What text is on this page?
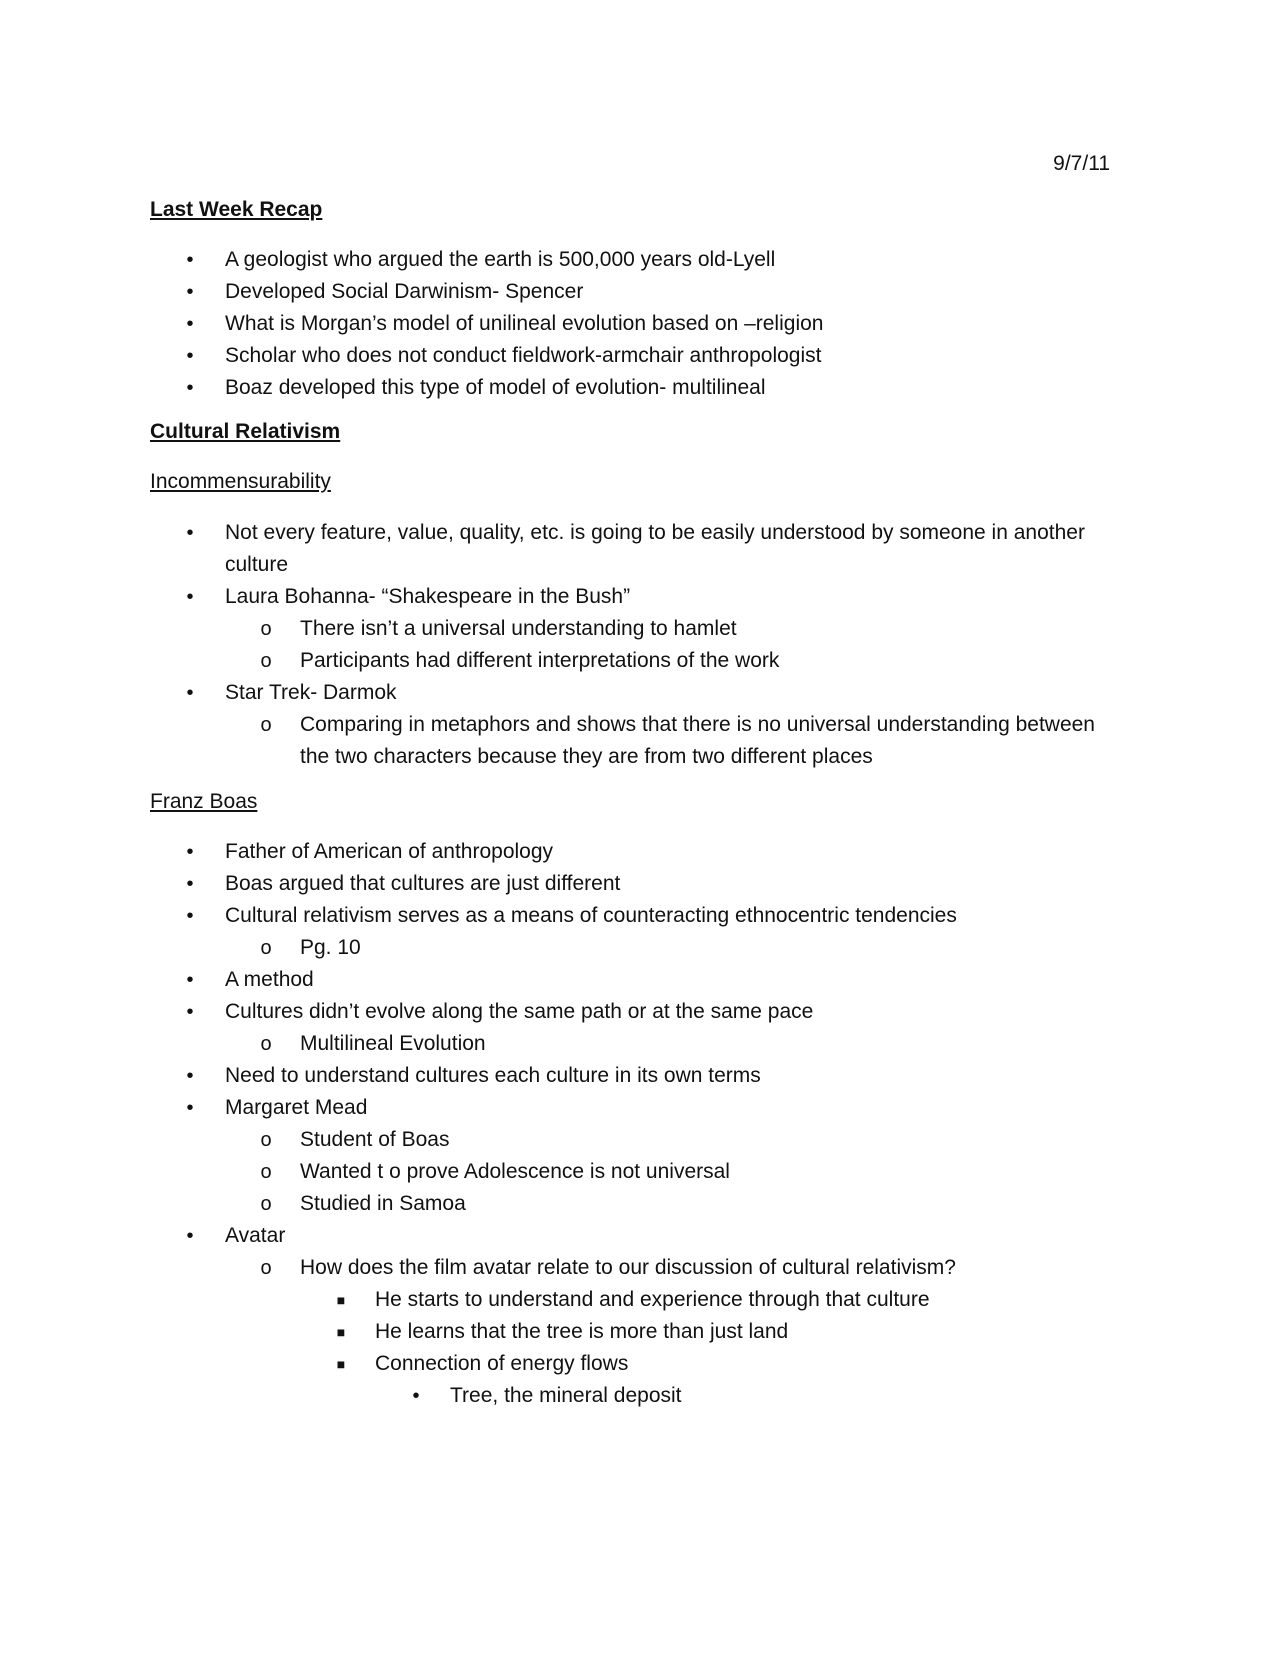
9/7/11

Last Week Recap

•	A geologist who argued the earth is 500,000 years old-Lyell
•	Developed Social Darwinism- Spencer
•	What is Morgan’s model of unilineal evolution based on –religion
•	Scholar who does not conduct fieldwork-armchair anthropologist
•	Boaz developed this type of model of evolution- multilineal

Cultural Relativism

Incommensurability

•	Not every feature, value, quality, etc. is going to be easily understood by someone in another culture
•	Laura Bohanna- “Shakespeare in the Bush”
o There isn’t a universal understanding to hamlet
o Participants had different interpretations of the work
•	Star Trek- Darmok
o Comparing in metaphors and shows that there is no universal understanding between the two characters because they are from two different places

Franz Boas

•	Father of American of anthropology
•	Boas argued that cultures are just different
•	Cultural relativism serves as a means of counteracting ethnocentric tendencies
o Pg. 10
•	A method
•	Cultures didn’t evolve along the same path or at the same pace
o Multilineal Evolution
•	Need to understand cultures each culture in its own terms
•	Margaret Mead
o Student of Boas
o Wanted t o prove Adolescence is not universal
o Studied in Samoa
•	Avatar
o How does the film avatar relate to our discussion of cultural relativism?
■ He starts to understand and experience through that culture
■ He learns that the tree is more than just land
■ Connection of energy flows
•	Tree, the mineral deposit
